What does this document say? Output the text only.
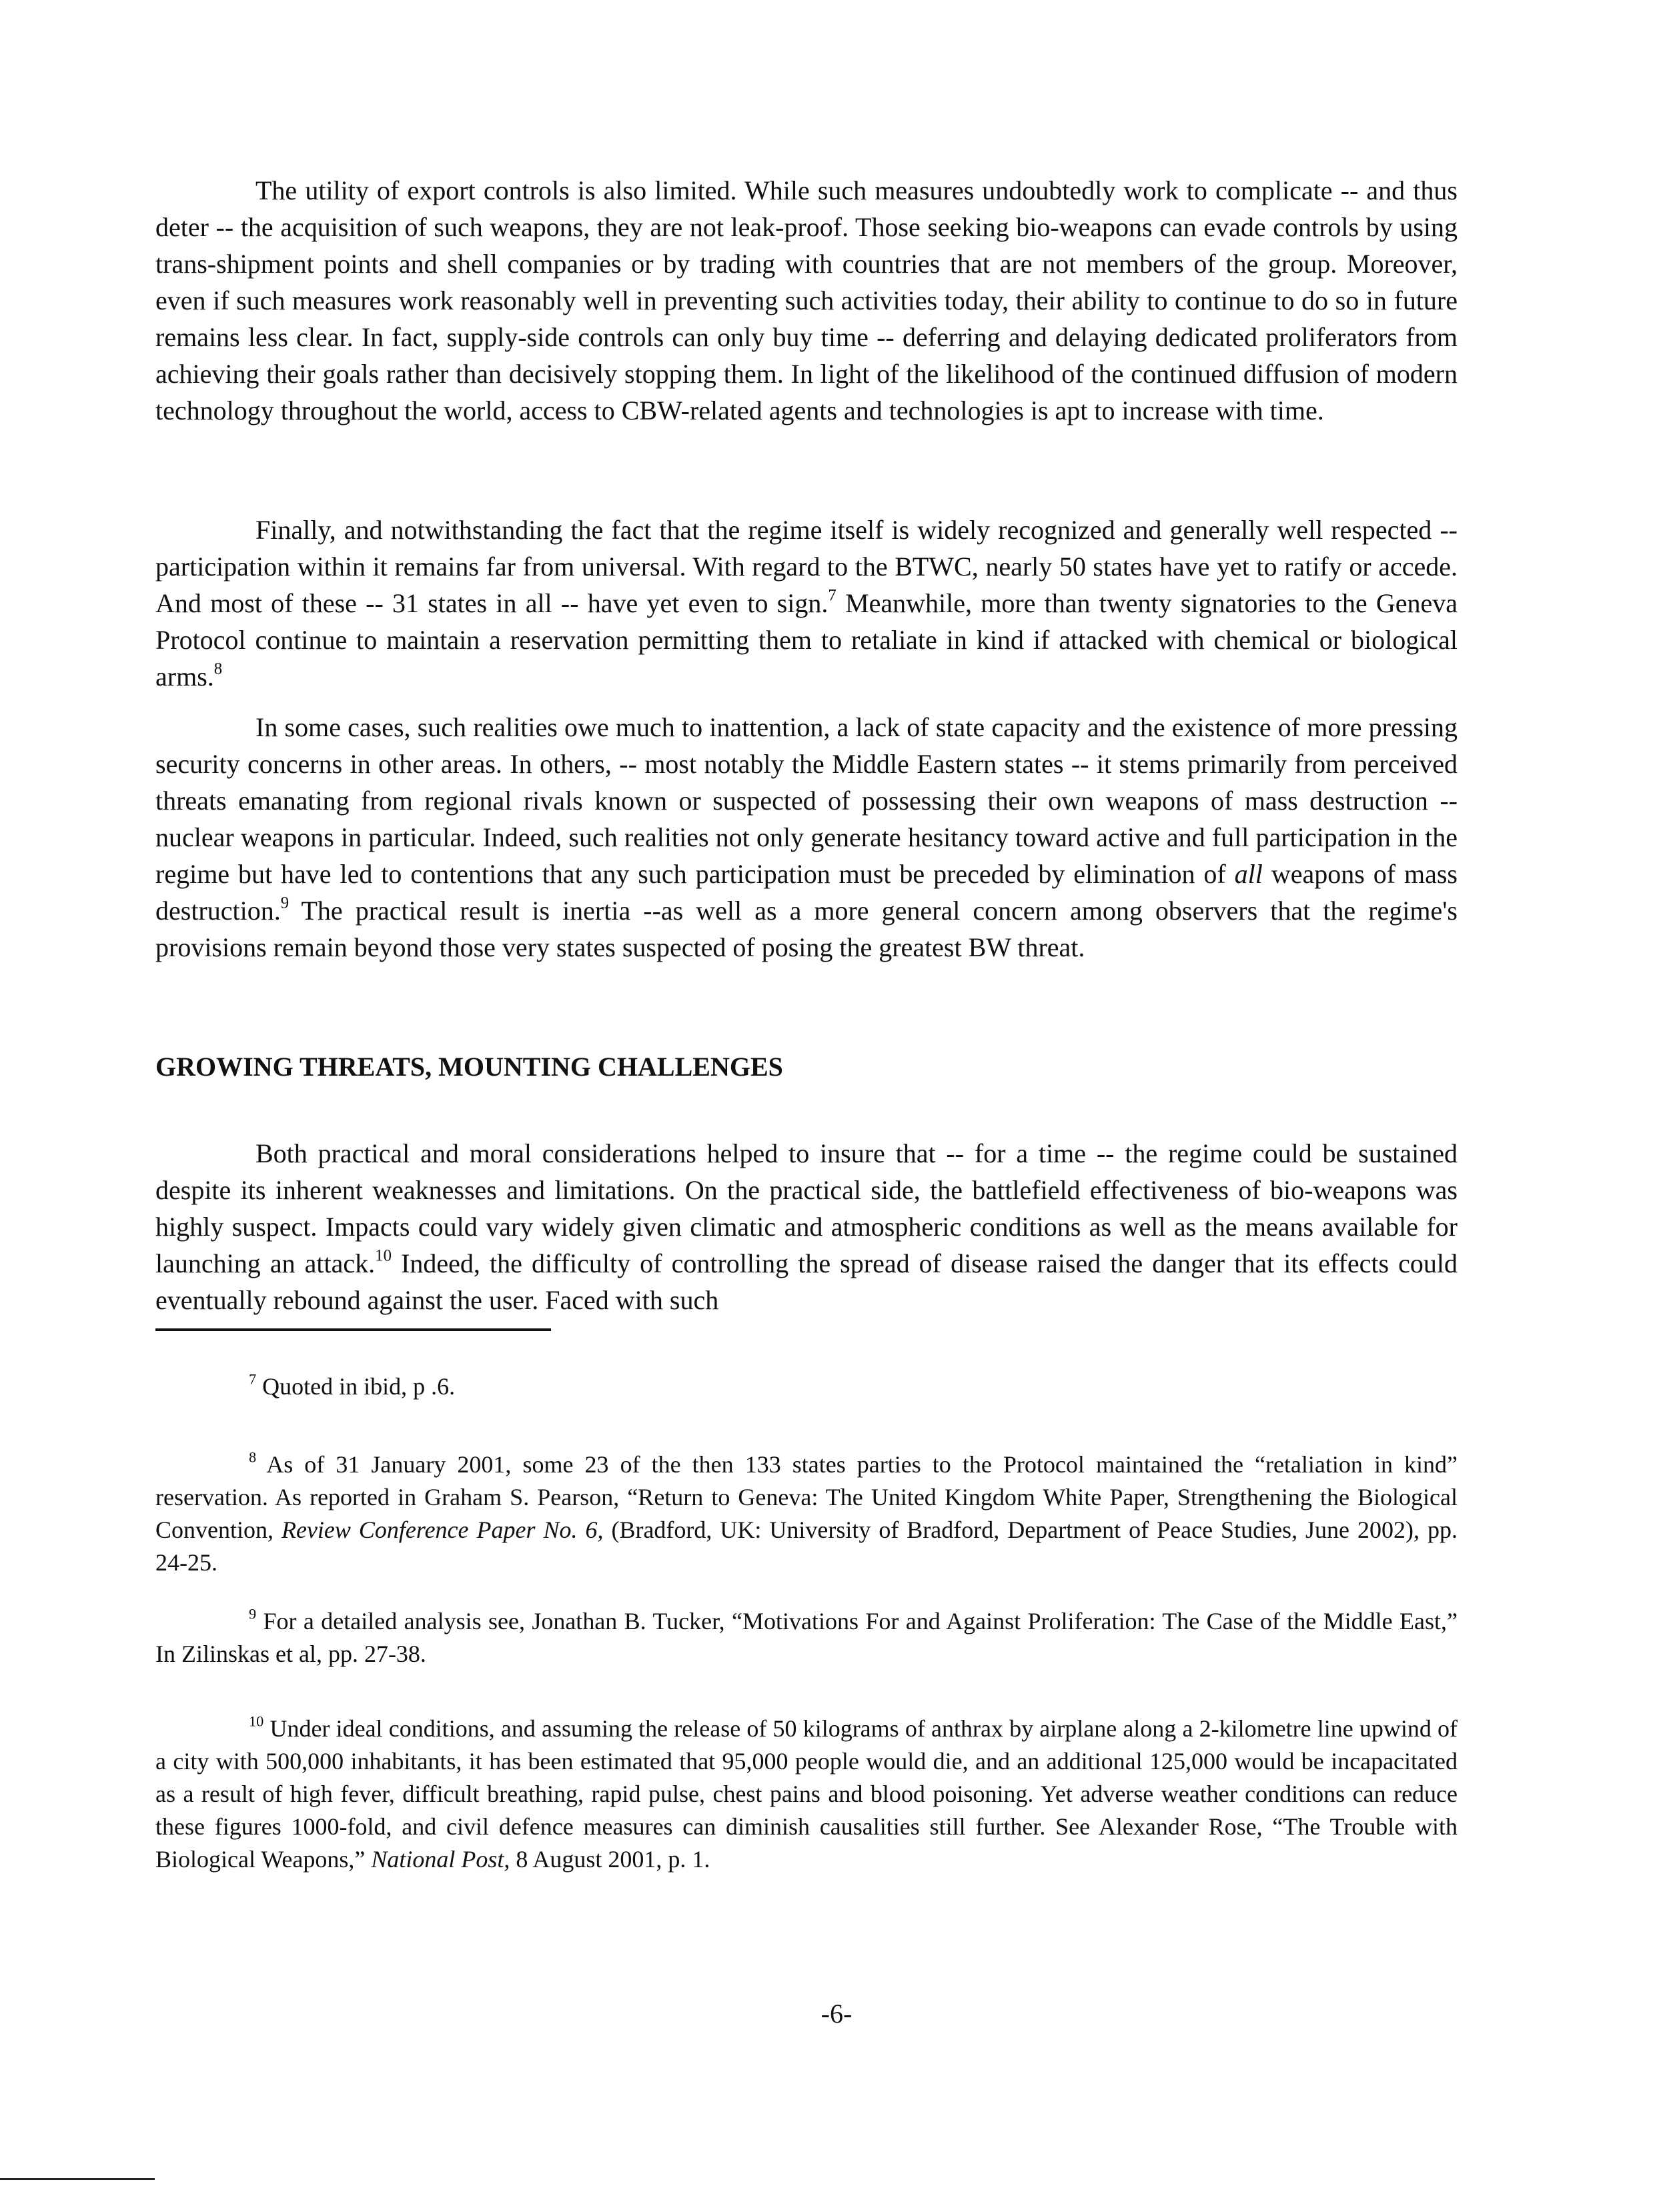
The utility of export controls is also limited. While such measures undoubtedly work to complicate -- and thus deter -- the acquisition of such weapons, they are not leak-proof. Those seeking bio-weapons can evade controls by using trans-shipment points and shell companies or by trading with countries that are not members of the group. Moreover, even if such measures work reasonably well in preventing such activities today, their ability to continue to do so in future remains less clear. In fact, supply-side controls can only buy time -- deferring and delaying dedicated proliferators from achieving their goals rather than decisively stopping them. In light of the likelihood of the continued diffusion of modern technology throughout the world, access to CBW-related agents and technologies is apt to increase with time.

Finally, and notwithstanding the fact that the regime itself is widely recognized and generally well respected -- participation within it remains far from universal. With regard to the BTWC, nearly 50 states have yet to ratify or accede. And most of these -- 31 states in all -- have yet even to sign.$^7$ Meanwhile, more than twenty signatories to the Geneva Protocol continue to maintain a reservation permitting them to retaliate in kind if attacked with chemical or biological arms.$^8$

In some cases, such realities owe much to inattention, a lack of state capacity and the existence of more pressing security concerns in other areas. In others, -- most notably the Middle Eastern states -- it stems primarily from perceived threats emanating from regional rivals known or suspected of possessing their own weapons of mass destruction -- nuclear weapons in particular. Indeed, such realities not only generate hesitancy toward active and full participation in the regime but have led to contentions that any such participation must be preceded by elimination of all weapons of mass destruction.$^9$ The practical result is inertia --as well as a more general concern among observers that the regime's provisions remain beyond those very states suspected of posing the greatest BW threat.

GROWING THREATS, MOUNTING CHALLENGES

Both practical and moral considerations helped to insure that -- for a time -- the regime could be sustained despite its inherent weaknesses and limitations. On the practical side, the battlefield effectiveness of bio-weapons was highly suspect. Impacts could vary widely given climatic and atmospheric conditions as well as the means available for launching an attack.$^{10}$ Indeed, the difficulty of controlling the spread of disease raised the danger that its effects could eventually rebound against the user. Faced with such

$^7$ Quoted in ibid, p .6.

$^8$ As of 31 January 2001, some 23 of the then 133 states parties to the Protocol maintained the “retaliation in kind” reservation. As reported in Graham S. Pearson, “Return to Geneva: The United Kingdom White Paper, Strengthening the Biological Convention, Review Conference Paper No. 6, (Bradford, UK: University of Bradford, Department of Peace Studies, June 2002), pp. 24-25.

$^9$ For a detailed analysis see, Jonathan B. Tucker, “Motivations For and Against Proliferation: The Case of the Middle East,” In Zilinskas et al, pp. 27-38.

$^{10}$ Under ideal conditions, and assuming the release of 50 kilograms of anthrax by airplane along a 2-kilometre line upwind of a city with 500,000 inhabitants, it has been estimated that 95,000 people would die, and an additional 125,000 would be incapacitated as a result of high fever, difficult breathing, rapid pulse, chest pains and blood poisoning. Yet adverse weather conditions can reduce these figures 1000-fold, and civil defence measures can diminish causalities still further. See Alexander Rose, “The Trouble with Biological Weapons,” National Post, 8 August 2001, p. 1.

-6-
